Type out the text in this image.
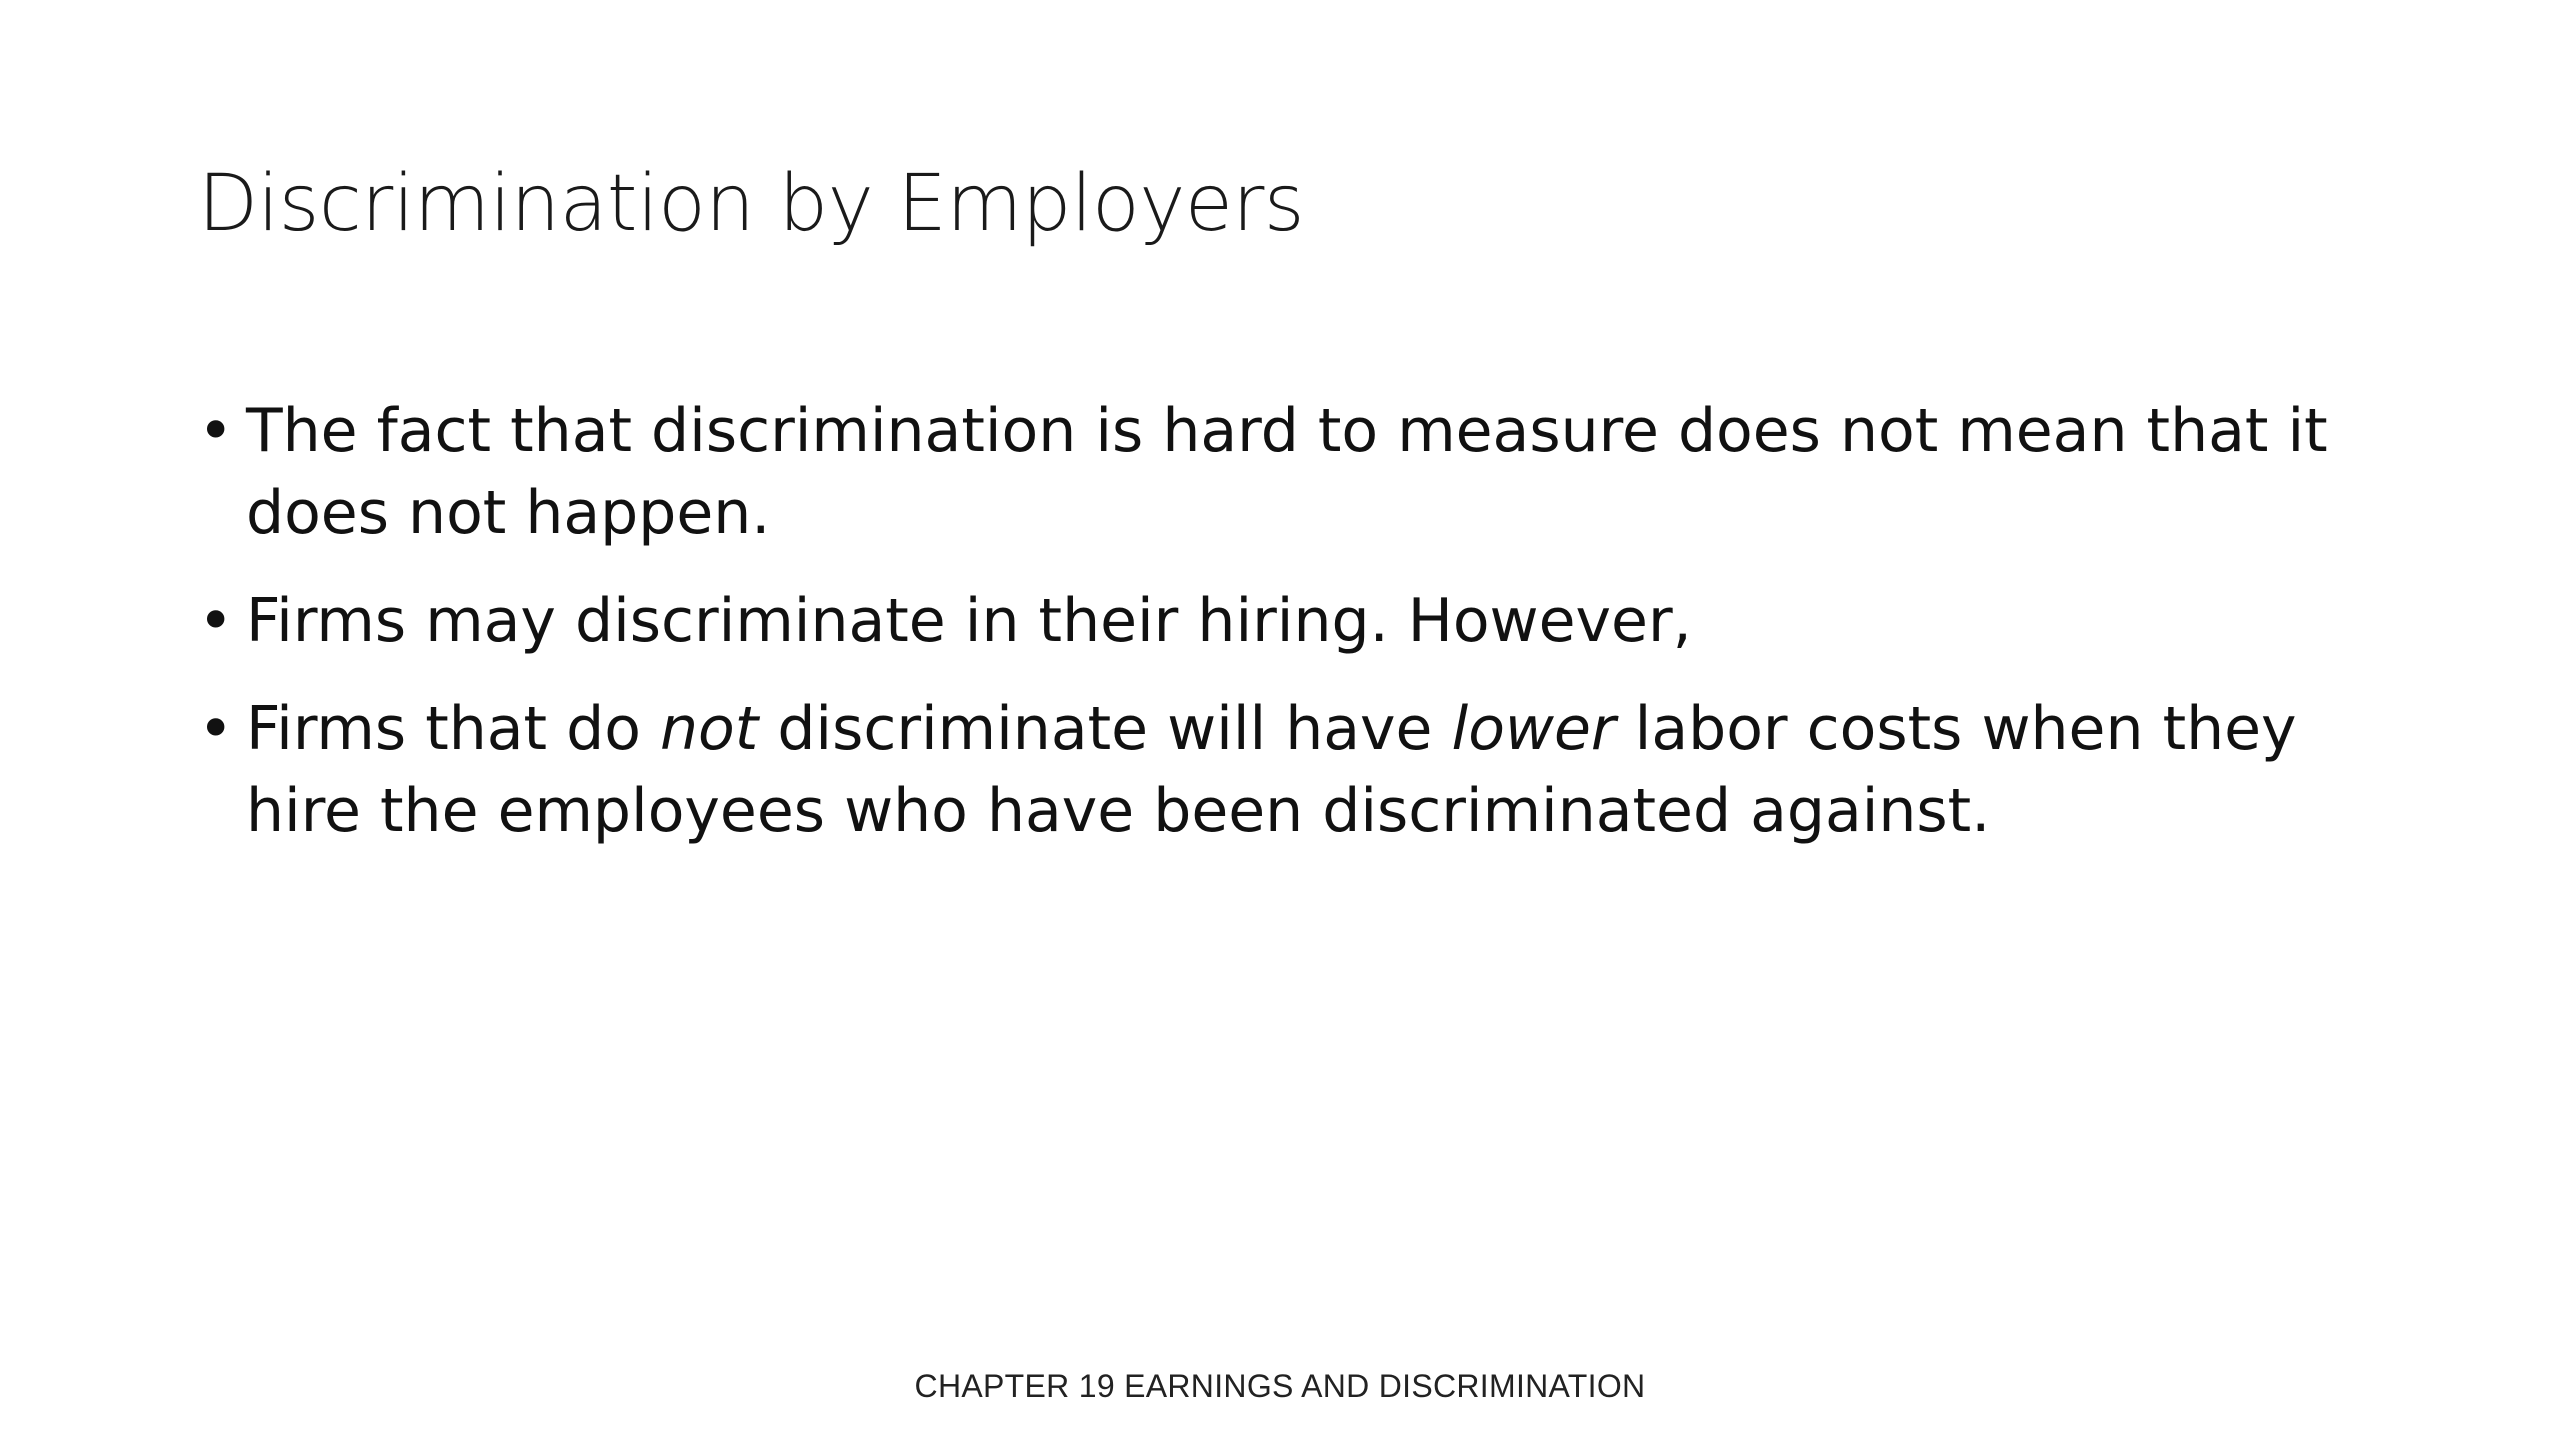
Discrimination by Employers
• The fact that discrimination is hard to measure does not mean that it does not happen.
• Firms may discriminate in their hiring. However,
• Firms that do not discriminate will have lower labor costs when they hire the employees who have been discriminated against.
CHAPTER 19 EARNINGS AND DISCRIMINATION
